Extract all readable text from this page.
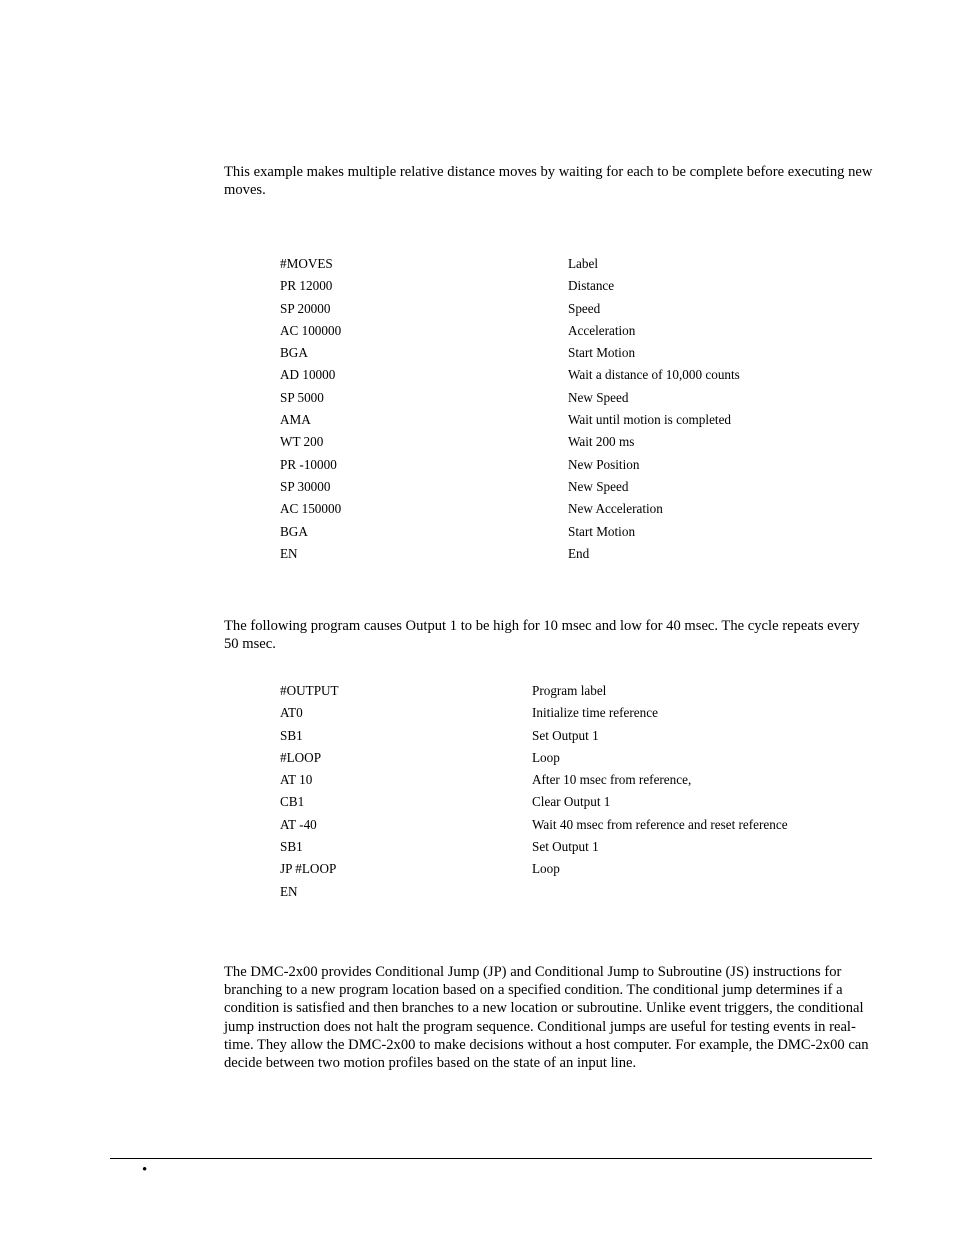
This example makes multiple relative distance moves by waiting for each to be complete before executing new moves.

#MOVES	Label
PR 12000	Distance
SP 20000	Speed
AC 100000	Acceleration
BGA	Start Motion
AD 10000	Wait a distance of 10,000 counts
SP 5000	New Speed
AMA	Wait until motion is completed
WT 200	Wait 200 ms
PR -10000	New Position
SP 30000	New Speed
AC 150000	New Acceleration
BGA	Start Motion
EN	End

The following program causes Output 1 to be high for 10 msec and low for 40 msec. The cycle repeats every 50 msec.

#OUTPUT	Program label
AT0	Initialize time reference
SB1	Set Output 1
#LOOP	Loop
AT 10	After 10 msec from reference,
CB1	Clear Output 1
AT -40	Wait 40 msec from reference and reset reference
SB1	Set Output 1
JP #LOOP	Loop
EN

The DMC-2x00 provides Conditional Jump (JP) and Conditional Jump to Subroutine (JS) instructions for branching to a new program location based on a specified condition. The conditional jump determines if a condition is satisfied and then branches to a new location or subroutine. Unlike event triggers, the conditional jump instruction does not halt the program sequence. Conditional jumps are useful for testing events in real-time. They allow the DMC-2x00 to make decisions without a host computer. For example, the DMC-2x00 can decide between two motion profiles based on the state of an input line.

•
